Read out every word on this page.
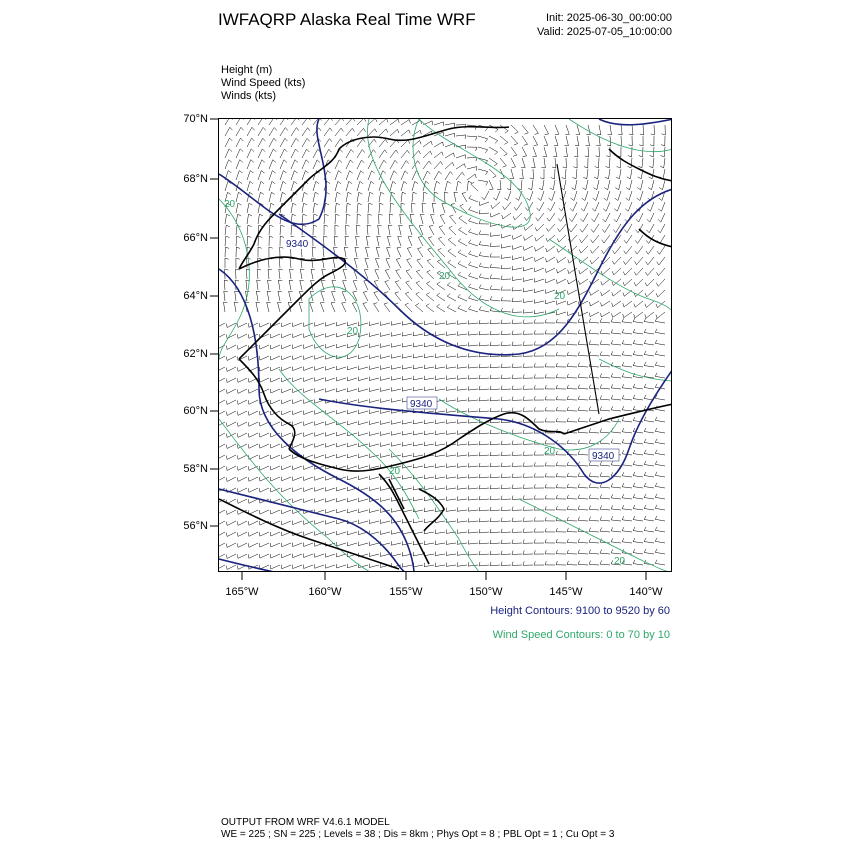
IWFAQRP Alaska Real Time WRF	Init: 2025-06-30_00:00:00
Valid: 2025-07-05_10:00:00
Height (m)
Wind Speed (kts)
Winds (kts)
70°N
68°N
66°N
64°N
62°N
60°N
58°N
56°N
165°W	160°W	155°W	150°W	145°W	140°W
9340
9340
9340
20
20
20
20
20
20
20
Height Contours: 9100 to 9520 by 60
Wind Speed Contours: 0 to 70 by 10
OUTPUT FROM WRF V4.6.1 MODEL
WE = 225 ; SN = 225 ; Levels = 38 ; Dis = 8km ; Phys Opt = 8 ; PBL Opt = 1 ; Cu Opt = 3
